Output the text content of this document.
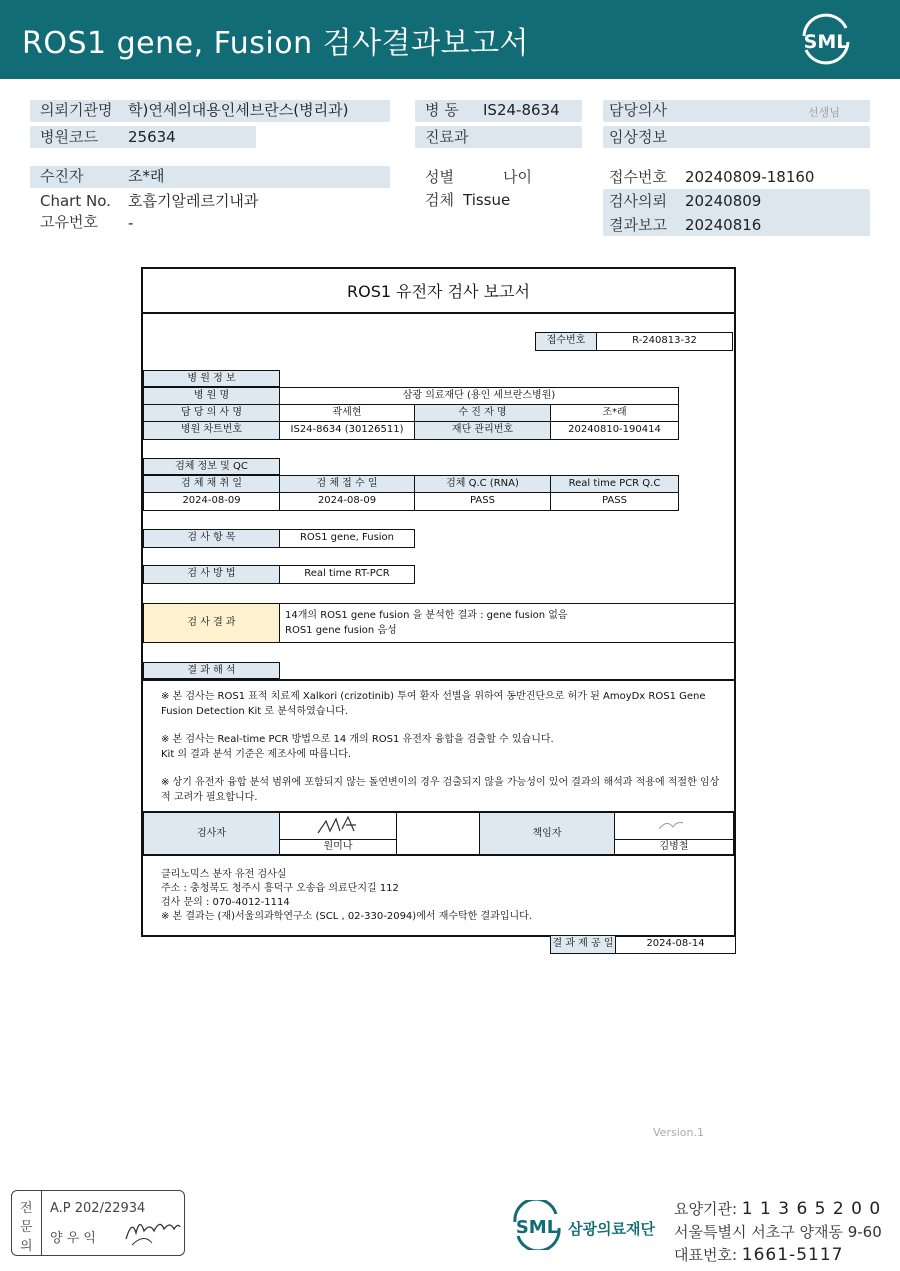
ROS1 gene, Fusion 검사결과보고서	SML
의뢰기관명 학)연세의대용인세브란스(병리과)	병 동 IS24-8634	담당의사	선생님
병원코드 25634	진료과	임상정보
수진자	조*래	성별	나이	접수번호 20240809-18160
Chart No. 호흡기알레르기내과	검체 Tissue	검사의뢰 20240809
고유번호 -	결과보고 20240816
ROS1 유전자 검사 보고서
접수번호	R-240813-32
병 원 정 보
병 원 명	삼광 의료재단 (용인 세브란스병원)
담 당 의 사 명	곽세현	수 진 자 명	조*래
병원 차트번호	IS24-8634 (30126511)	재단 관리번호	20240810-190414
검체 정보 및 QC
검 체 채 취 일	검 체 접 수 일	검체 Q.C (RNA)	Real time PCR Q.C
2024-08-09	2024-08-09	PASS	PASS
검 사 항 목	ROS1 gene, Fusion
검 사 방 법	Real time RT-PCR
검 사 결 과
14개의 ROS1 gene fusion 을 분석한 결과 : gene fusion 없음
ROS1 gene fusion 음성
결 과 해 석
※ 본 검사는 ROS1 표적 치료제 Xalkori (crizotinib) 투여 환자 선별을 위하여 동반진단으로 허가 된 AmoyDx ROS1 Gene
Fusion Detection Kit 로 분석하였습니다.
※ 본 검사는 Real-time PCR 방법으로 14 개의 ROS1 유전자 융합을 검출할 수 있습니다.
Kit 의 결과 분석 기준은 제조사에 따릅니다.
※ 상기 유전자 융합 분석 범위에 포함되지 않는 돌연변이의 경우 검출되지 않을 가능성이 있어 결과의 해석과 적용에 적절한 임상
적 고려가 필요합니다.
검사자
원미나
책임자
김병철
클리노믹스 분자 유전 검사실
주소 : 충청북도 청주시 흥덕구 오송읍 의료단지길 112
검사 문의 : 070-4012-1114
※ 본 결과는 (재)서울의과학연구소 (SCL , 02-330-2094)에서 재수탁한 결과입니다.
결 과 제 공 일	2024-08-14
Version.1
전
문
의
A.P 202/22934
양 우 익
SML 삼광의료재단
요양기관: 1 1 3 6 5 2 0 0
서울특별시 서초구 양재동 9-60
대표번호: 1661-5117
